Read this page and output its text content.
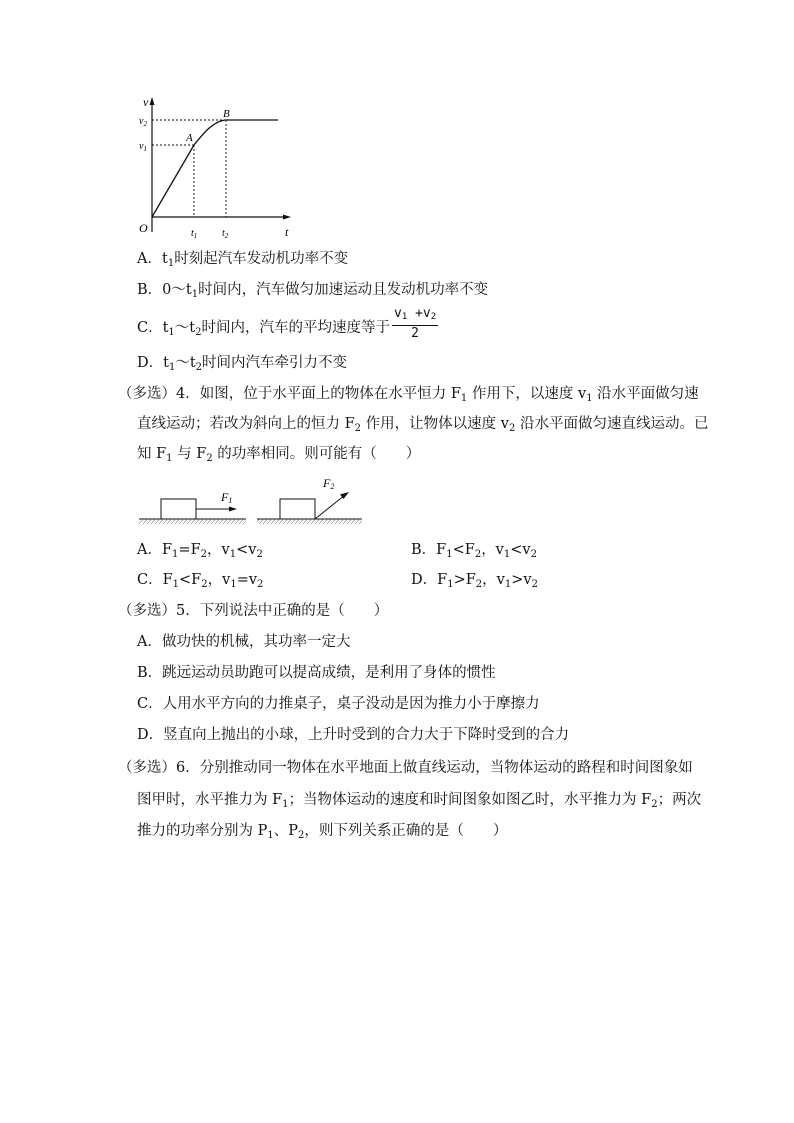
v
t
O
A
B
$v_1$
$v_2$
$t_1$ $t_2$
A．$t_1$时刻起汽车发动机功率不变
B．$0\sim t_1$时间内，汽车做匀加速运动且发动机功率不变
C．$t_1\sim t_2$时间内，汽车的平均速度等于 $\frac{v_1 +v_2}{2}$
D．$t_1\sim t_2$时间内汽车牵引力不变
（多选）4．如图，位于水平面上的物体在水平恒力 $F_1$ 作用下，以速度 $v_1$ 沿水平面做匀速
直线运动；若改为斜向上的恒力 $F_2$ 作用，让物体以速度 $v_2$ 沿水平面做匀速直线运动。已
知 $F_1$ 与 $F_2$ 的功率相同。则可能有（　　）
F1
F2
A．$F_1=F_2$，$v_1<v_2$	B．$F_1<F_2$，$v_1<v_2$
C．$F_1<F_2$，$v_1=v_2$	D．$F_1>F_2$，$v_1>v_2$
（多选）5．下列说法中正确的是（　　）
A．做功快的机械，其功率一定大
B．跳远运动员助跑可以提高成绩，是利用了身体的惯性
C．人用水平方向的力推桌子，桌子没动是因为推力小于摩擦力
D．竖直向上抛出的小球，上升时受到的合力大于下降时受到的合力
（多选）6．分别推动同一物体在水平地面上做直线运动，当物体运动的路程和时间图象如
图甲时，水平推力为 $F_1$；当物体运动的速度和时间图象如图乙时，水平推力为 $F_2$；两次
推力的功率分别为 $P_1$、$P_2$，则下列关系正确的是（　　）
